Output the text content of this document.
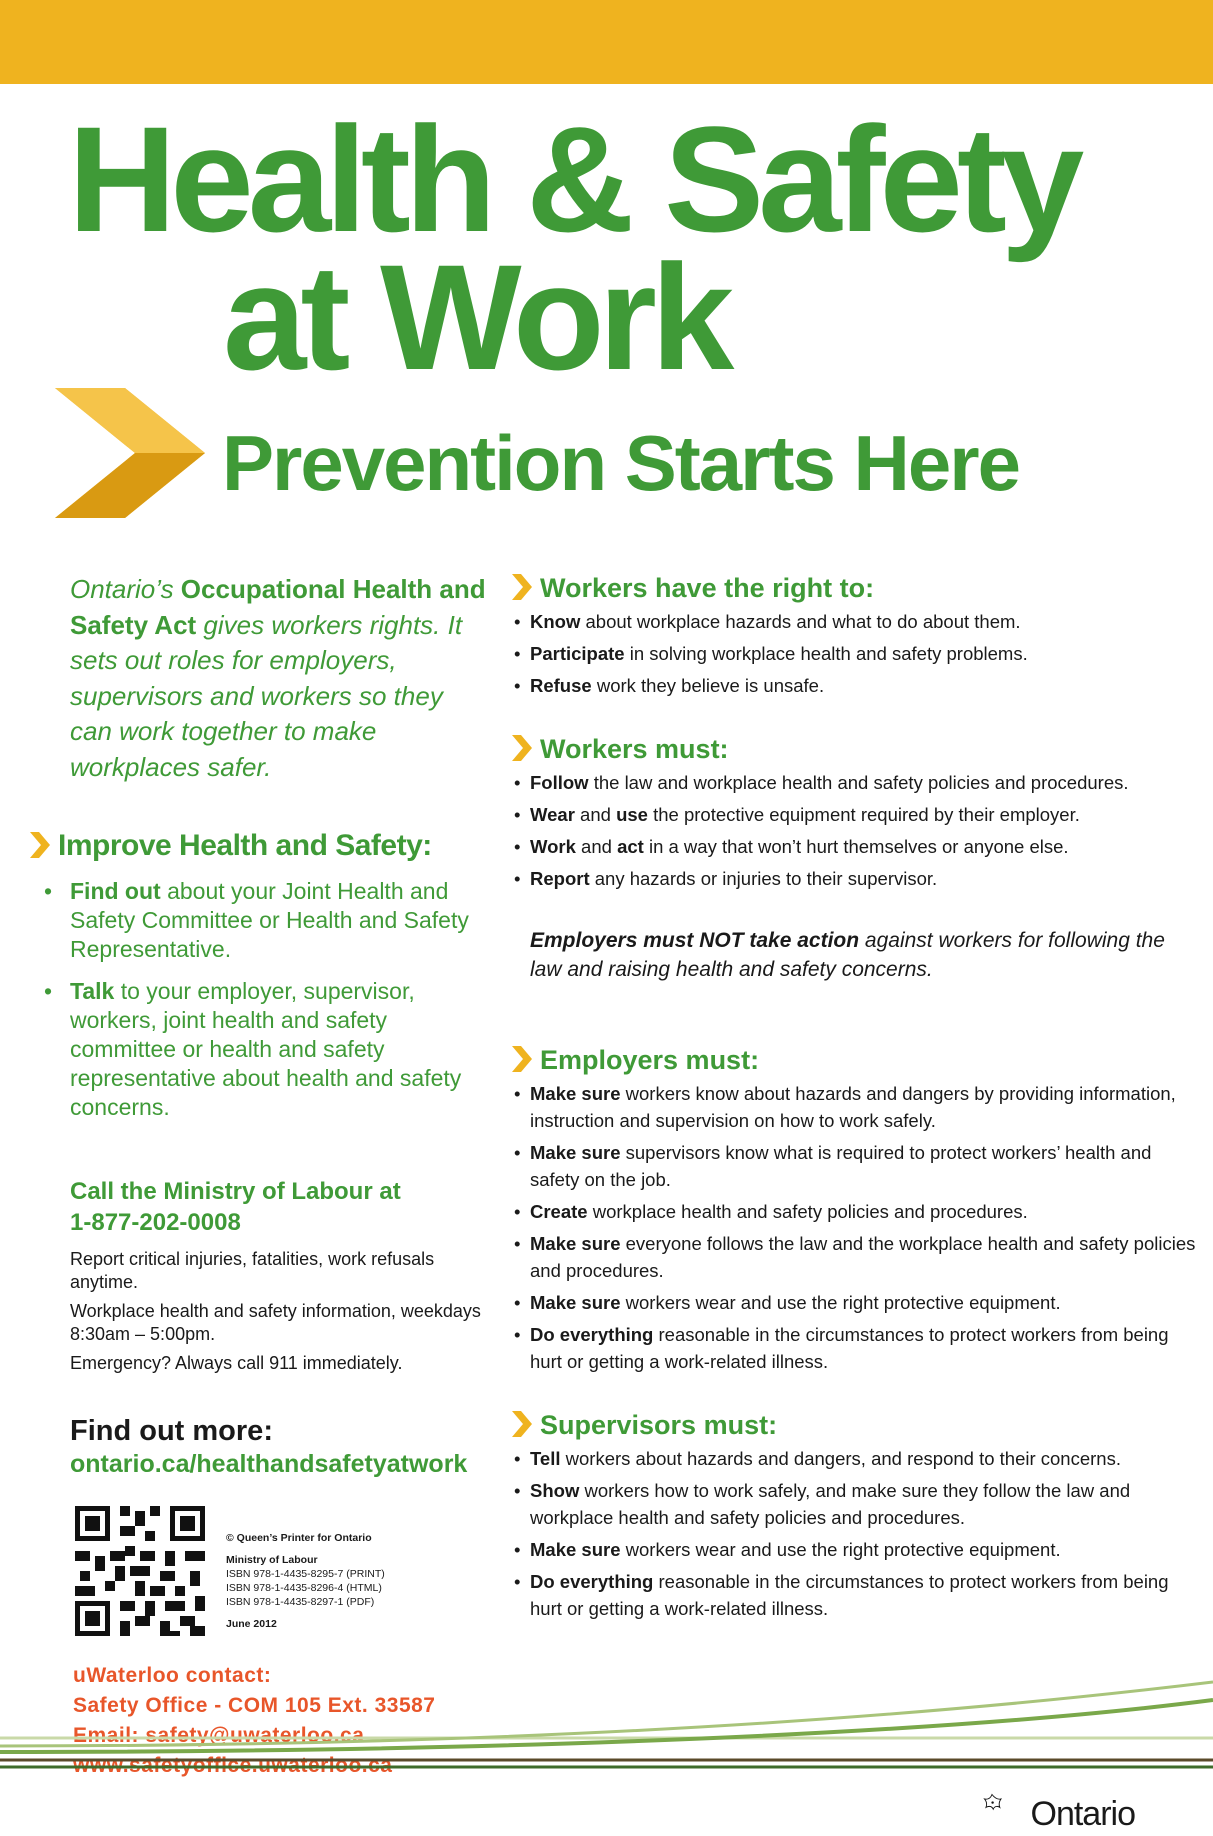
Health & Safety
at Work
Prevention Starts Here

Ontario’s Occupational Health and Safety Act gives workers rights. It sets out roles for employers, supervisors and workers so they can work together to make workplaces safer.

Improve Health and Safety:
• Find out about your Joint Health and Safety Committee or Health and Safety Representative.
• Talk to your employer, supervisor, workers, joint health and safety committee or health and safety representative about health and safety concerns.
Call the Ministry of Labour at
1-877-202-0008

Report critical injuries, fatalities, work refusals anytime.

Workplace health and safety information, weekdays 8:30am – 5:00pm.

Emergency? Always call 911 immediately.

Find out more:
ontario.ca/healthandsafetyatwork
© Queen’s Printer for Ontario
Ministry of Labour
ISBN 978-1-4435-8295-7 (PRINT)
ISBN 978-1-4435-8296-4 (HTML)
ISBN 978-1-4435-8297-1 (PDF)
June 2012
uWaterloo contact:
Safety Office - COM 105 Ext. 33587
Email: safety@uwaterloo.ca
www.safetyoffice.uwaterloo.ca
Workers have the right to:
• Know about workplace hazards and what to do about them.
• Participate in solving workplace health and safety problems.
• Refuse work they believe is unsafe.
Workers must:
• Follow the law and workplace health and safety policies and procedures.
• Wear and use the protective equipment required by their employer.
• Work and act in a way that won’t hurt themselves or anyone else.
• Report any hazards or injuries to their supervisor.

Employers must NOT take action against workers for following the law and raising health and safety concerns.

Employers must:
• Make sure workers know about hazards and dangers by providing information, instruction and supervision on how to work safely.
• Make sure supervisors know what is required to protect workers’ health and safety on the job.
• Create workplace health and safety policies and procedures.
• Make sure everyone follows the law and the workplace health and safety policies and procedures.
• Make sure workers wear and use the right protective equipment.
• Do everything reasonable in the circumstances to protect workers from being hurt or getting a work-related illness.
Supervisors must:
• Tell workers about hazards and dangers, and respond to their concerns.
• Show workers how to work safely, and make sure they follow the law and workplace health and safety policies and procedures.
• Make sure workers wear and use the right protective equipment.
• Do everything reasonable in the circumstances to protect workers from being hurt or getting a work-related illness.
Ontario
